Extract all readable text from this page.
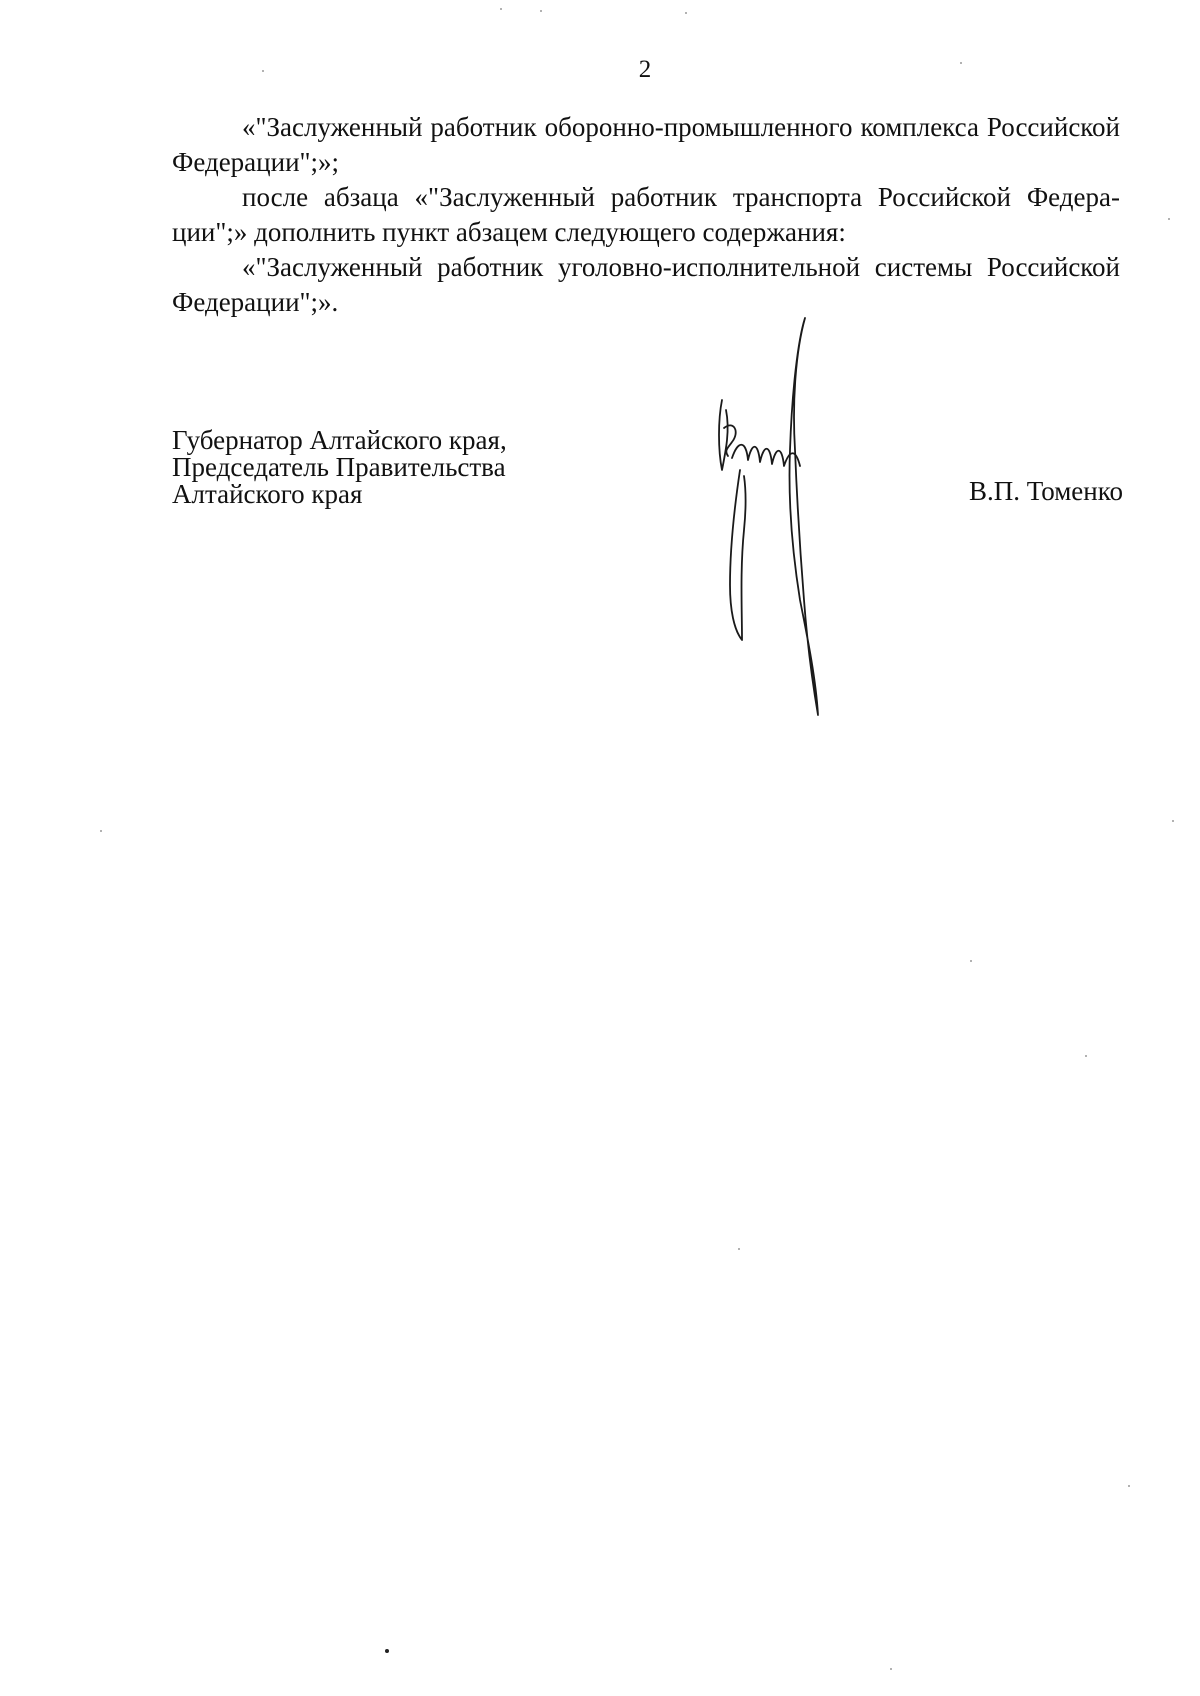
2

«"Заслуженный работник оборонно-промышленного комплекса Российской Федерации";»;

после абзаца «"Заслуженный работник транспорта Российской Федерации";» дополнить пункт абзацем следующего содержания:

«"Заслуженный работник уголовно-исполнительной системы Российской Федерации";».

Губернатор Алтайского края,
Председатель Правительства
Алтайского края	В.П. Томенко
